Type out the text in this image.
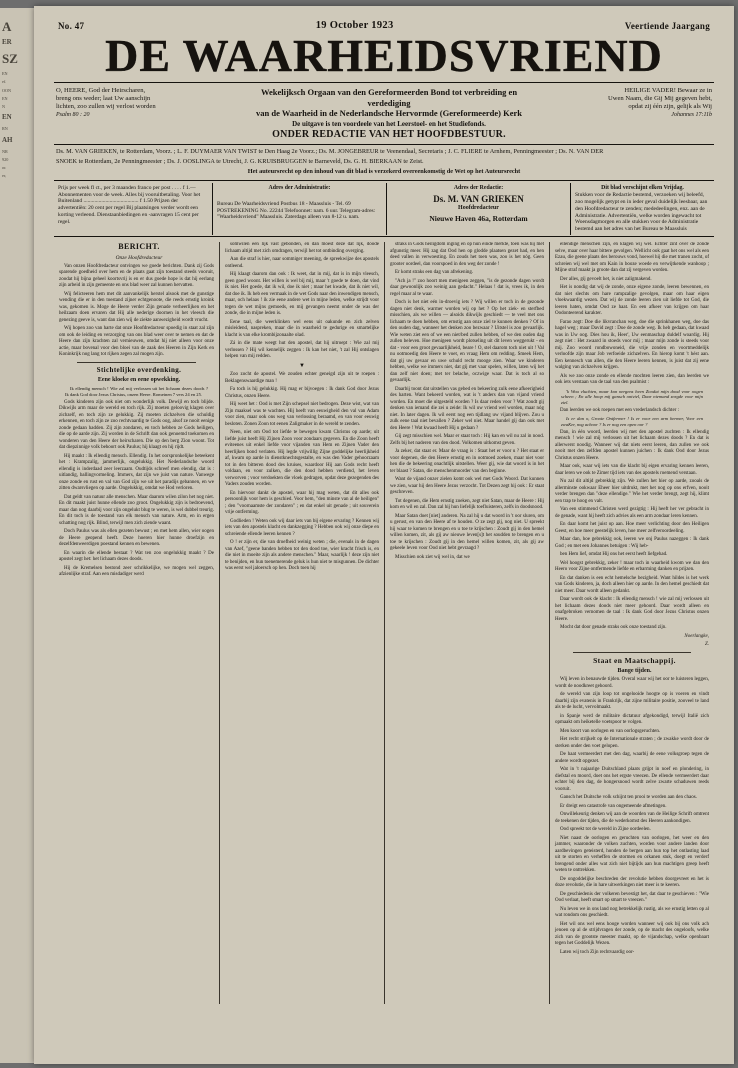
A
ER
SZ

EN

ef.

OON

EN

N

EN

RN

AH

NR

920

or.

er,

No. 47	19 October 1923	Veertiende Jaargang
DE WAARHEIDSVRIEND
O, HEERE, God der Heirscharen,
breng ons weder; laat Uw aanschijn
lichten, zoo zullen wij verlost worden
Psalm 80 : 20
Wekelijksch Orgaan van den Gereformeerden Bond tot verbreiding en verdediging
van de Waarheid in de Nederlandsche Hervormde (Gereformeerde) Kerk
De uitgave is ten voordeele van het Leerstoel- en het Studiefonds.
ONDER REDACTIE VAN HET HOOFDBESTUUR.
HEILIGE VADER! Bewaar ze in
Uwen Naam, die Gij Mij gegeven hebt,
opdat zij één zijn, gelijk als Wij
Johannes 17:11b
Ds. M. VAN GRIEKEN, te Rotterdam, Voorz. ; L. F. DUYMAER VAN TWIST te Den Haag 2e Voorz.; Ds. M. JONGEBREUR te Veenendaal, Secretaris ; J. C. FLIERE te Arnhem, Penningmeester ; Ds. N. VAN DER
SNOEK te Rotterdam, 2e Penningmeester ; Ds. J. OOSLINGA te Utrecht, J. G. KRUISBRUGGEN te Barneveld, Ds. G. H. BIERKAAN te Zeist.
Het auteursrecht op den inhoud van dit blad is verzekerd overeenkomstig de Wet op het Auteursrecht
Prijs per week fl ct., per 3 maanden franco per post . . . . f 1.— Abonnementen voor de week. Alles bij vooruitbetaling. Voor het Buitenland ........................................ f 1.50 Prijzen der advertentiën: 20 cent per regel Bij plaatsingen verder wordt een korting verleend. Dienstaanbiedingen en -aanvragen 15 cent per regel.
Adres der Administratie:

Bureau De Waarheidsvriend Postbus 18 - Maassluis - Tel. 69 POSTREKENING No. 22244 Telefoonnet: nam. 6 uur. Telegram-adres: "Waarheidsvriend" Maassluis. Zaterdags alleen van 8-12 u. nam.
Adres der Redactie:
Ds. M. VAN GRIEKEN
Hoofdredacteur
Nieuwe Haven 46a, Rotterdam
Dit blad verschijnt elken Vrijdag.
Stukken voor de Redactie bestemd, verzoeken wij beleefd, zoo mogelijk getypt en in ieder geval duidelijk leesbaar, aan den Hoofdredacteur te zenden; mededeelingen, enz. aan de Administratie. Advertentiën, welke worden ingewacht tot Woensdagmorgen en alle stukken voor de Administratie bestemd aan het adres van het Bureau te Maassluis

BERICHT.

Onze Hoofdredacteur

Van onzen Hoofdredacteur ontvingen we goede berichten. Dank zij Gods sparende goedheid over hem en de plaats gaat zijn toestand steeds vooruit, zoodat hij bijna geheel koortsvrij is en er dus goede hope is dat hij eerlang zijn arbeid in zijn gemeente en ons blad weer zal kunnen hervatten.

Wij felicteeren hem met dit aanvankelijk herstel alsook met de gunstige wending die er in den toestand zijner echtgenoote, die reeds ernstig kroink was, gekomen is. Moge de Heere verder Zijn genade verheerlijken en het heilzaam doen ervaren dat Hij alle nederige doornen in het vleesch die genezing geeve is, want dan zien wij de ziekte aanwezigheid wordt vrucht.

Wij hopen zoo van harte dat onze Hoofdredacteur spoedig in staat zal zijn om ook de leiding en verzorging van ons blad weer over te nemen en dat de Heere dan zijn krachten zal vernieuwen, omdat hij niet alleen voor onze actie, maar bovenal voor den bloei van de zaak des Heeren in Zijn Kerk en Koninkrijk nog lang tot rijken zegen zal mogen zijn.

Stichtelijke overdenking.

Eene kloeke en eene opwekking.

Ik ellendig mensch ! Wie zal mij verlossen uit het lichaam dezes doods ? Ik dank God door Jezus Christus, onzen Heere. Romeinen 7 vers 24 en 25.

Gods kinderen zijn ook niet om wonderlijk volk. Dewijl en toch blijde. Dikwijls arm maar de wereld en toch rijk. Zij moeten geloovig klagen over zichzelf, en toch zijn ze gelukkig. Zij moeten zichzelven die schuldig erkennen, en toch zijn ze zoo rechtvaardig te Gods oog, alsof ze nooit eenige zonde gedaan hadden. Zij zijn zondaren, en toch hebben ze Gods heiligen, die op de aarde zijn. Zij worden in de Schrift dan ook genoemd toekomen en wonderen van den Heere der heirscharen. Die op den berg Zion woont. Tot dat diepzinnige volk behoort ook Paulus; hij klaagt en hij rijdt.

Hij maakt : Ik ellendig mensch. Ellendig. In het oorspronkelijke beteekent het : Krampzalig, jammerlijk, ongelukkig. Het Nederlandsche woord ellendig is inderdaad zeer leerzaam. Oudtijds schreef men elendig, dat is : uitlandig, ballingvormeling. Immers, dat zijn we juist van nature. Vanwege onze zonde en rust en val van God zijn we uit het paradijs gebannen, en we zitten dwarsvliegen op aarde. Ongelukkig, omdat we Hod verloren.

Dat geldt van natuur alle menschen. Maar daarom wilen zilon het nog niet. En dit maakt juist hunne ellende zoo groot. Ongelukkig zijn is bedroevend, maar dan nog daarbij voor zijn ongelukt blug te weren, is wel dubbel treurig. En dit toch is de toestand van elk mensch van nature. Arm, en in ergen schatting nog rijk. Blind, terwijl men zich ziende waant.

Doch Paulus was als ellen gezeten bewust ; en met hem allen, wier oogen de Heere geopend heeft. Deze hoeren hier hunne droefzijn en dezelfdenweerdigen poestand kennen en bewenen.

En waarin die ellende bestaat ? Wat ten zoo ongelukkig maakt ? De apostel zegt het: het lichaam dezes doods.

Hij de Kremelsen bestond zeer schrikkelijke, we mogen wel zeggen, afzienlijke straf. Aan een misdadiger werd

somwilen een lijk vast gebonden, en dan moest deze dat lijk, doode lichaam altijd met zich omdragen, terwijl het tot ontbinding overging.

Aan die straf is hier, naar sommiger meening, de spreekwijze des apostels ontleend.

Hij klaagt daarom dan ook : Ik weet, dat in mij, dat is in mijn vleesch, geen goed woont. Het willen is wel bij mij, maar 't goede te doen, dat vind ik niet. Het goede, dat ik wil, doe ik niet ; maar het kwade, dat ik niet wil, dat doe ik. Ik heb een vermaak in de wet Gods naar den inwendigen mensch, maar, och helaas ! ik zie eene andere wet in mijne leden, welke strijdt voor tegen de wet mijns gemoeds, en mij gevangen neemt onder de was der zonde, die in mijne leden is.

Eene taal, die weerklinken wel eens uit oakunde en zich zelven misleidend, naspreken, maar die in waarheid te gedurige en smartelijke klacht is van elke krombijzonaalte olad.

Zá in die mate weegt hut den apostel, dat hij uitroept : Wie zal mij verlossen ? Hij wil kennelijk zeggen : Ik kan het niet, 't zal Hij ontslagen helpen van mij redden.

▼

Zoo zocht de apostel. We zouden echter geneigd zijn uit te roepen : Beklagenswaardige man !

Fa toch is hij gelukkig. Hij mag er bijvoegen : Ik dank God door Jezus Christus, onzen Heere.

Hij weet het : Ood is met Zijn schepsel niet bedrogen. Deze wist, wat van Zijn maaksel was te wachten. Hij heeft van eeuwigheid den val van Adam voor zien, maar ook ons weg van verlossing beraamd, en van voor eeuwig besloten. Zonen Zoon tot eenen Zaligmaker in de wereld te zenden.

Neen, niet om Ood tot liefde te bewegen kwam Christus op aarde; uit liefde juist heeft Hij Zijnen Zoon voor zondaars gegeven. En die Zoon heeft eviteenes uit enkel liefde voor vijanden van Hem en Zijnen Vader den heerlijken bond verlaten. Hij legde vrijwillig Zijne goddelijke heerlijkheid af, kwam op aarde in dienstknechtsgestalte, en was den Vader gehoorzaam tot in den bitteren dood des kruises, waardoor Hij aan Gods recht heeft voldaan, en voor zulken, die den dood hebben verdiend, het leven verworven ; voor verdoekten die vloek gedragen, opdat deze gezegenden des Vaders zouden worden.

En hiervoor dankt de apostel, waar hij mag weten, dat dit alles ook persoonlijk voor hem is geschied. Voor hem, "den minste van al de heiligen" ; den "voornaamste der zondaren" ; en dat enkel uit genade ; uit souverein vrije ontferming.

Godlieden ! Weten ook wij daar iets van bij eigene ervaring ? Kennen wij iets van den apostels klacht en dankzegging ? Hebben ook wij onze diepe en schreiende ellende leeren kennen ?

O ! er zijn er, die van droefheid weinig weten ; die, evenals in de dagen van Azef, "geene banden hebben tot den dood toe, wier kracht frisch is, en die niet in moeite zijn als andere menschen." Maar, waarlijk ! deze zijn niet te benijden, en hun toenemerende geluk is hun niet te misgunnen. De dichter was eerst wel jaloersch op hen. Doch toen hij

straks in Gods heiligdom inging en op hun einde merkte, toen was hij met afgunstig meer. Hij zag dat Ood hen op glodde plaatsen gezet had, en hen deed vallen in verwoesting. En zouds het toen was, zoo is het nóg. Geen grooter oordeel, dan voorspoed in den weg der zonde !

Er komt straks een dag van afrekening.

"Ach ja !" zoo hoort men menigeen zeggen, "is de gezonde dagen wordt daar gewoonlijk zoo weinig aan gedacht." Helaas ! dat is, vrees ik, in den regel maar al te waar.

Doch is het niet eén in-droevig iets ? Wij willen er toch in de gezonde dagen niet denk, warmer worden wij op het ? Op het ziek- en sterfbed misschien, als we willen — alsoids dikwijls geschiedt — te veel met ons lichaam te doen hebben, om ernstig aan onze ziel te kunnen denken ? Of in den ouden dag, wanneer het denken zoo bezwaar ? Uitstel is zoo gevaarlijk. Wie weten ziet een of we een niet/bed zullen hebben, of we den ouden dag zullen beleven. Hoe menigeen wordt plotseling uit dit leven weggerukt - en dat - voor een groot gevaarlijkheid, beare ! O, stel daarom toch niet uit ! Val nu ootmoedig den Heere te voet, en vraag Hem om redding. Smeek Hem, dat gij uw gevaar en uwe schuld recht mooge zien. Waar we kinderen hebben, welke we immers niet, dat gij met vaar spelen, willen, laten wij het dan zelf niet doen; met ter belache, oczwige waar. Dat is toch al so gevaarlijk.

Daarbij toont dat uitstellen vas gebed en bekeering zulk eene afkeerigheid des harten. Want bekeerd worden, wat is 't anders dan van vijand vriend worden. En moet die uitgesteld worden ? Is daar reden voor ? Wat zoudt gij denken van iemand die zei u zeide: Ik wil uw vriend wel worden, maar nóg niet. In later dagen. Ik wil eerst nog een tijdlang uw vijand blijven. Zou u zulk eene taal niet bevallen ? Zeker wel niet. Maar handel gij dan ook met den Heere ! Wat kwaad heeft Hij u gedaan ?

Gij zegt misschien wel. Maar er staat toch : Hij kan en wil nu zal in nood. Zelfs bij het naderen van den dood. Volkomen uitkomst geven.

Ja zeker, dat staat er. Maar de vraag is : Staat het er voor u ? Het staat er voor degenen, die den Heere ernstig en in ootmoed zoeken, maar niet voor hen die de bekeering onachtlijk uitstellen. Weer gij, wie dat woord is in het ter blaast ? Satan, die menschenmoorder van den beginne.

Want de vijand onzer zielen komt ook wel met Gods Woord. Dat kunnen we zien, waar hij den Heere Jezus verzocht. Tot Dezen zegt hij ook : Er staat geschreven.

Tot degenen, die Hem ernstig zoeken, zegt niet Satan, maar de Heere : Hij kom en wil en zal. Dan zal hij hun liefelijk toefluisteren, zelfs in doodsnood.

Maar Satan doet [niet] anderen. Na zal hij u dat woord in 't oor sluren, om u gerust, en van den Heere af te houden. O ze zegt gij, nog niet. U spreekt hij waar te komen te brengen en u toe te krijschen : Zoudt gij in den hemel willen komen, zit, als gij aw nieuwe leven[s]t het soudden te brengen en u toe te krijschen : Zoudt gij in den hemel willen komen, zit, als gij aw gekeele leven voor Ood niet hebt gevraagd ?

Misschien ook ziet wij wel in, dat we

ellendige menschen zijn, en klagen wij wel. Echter zint over de zonde selve, maar over haar bittere gevolgen. Wellicht ook gaat het ons wel als een Ezau, die geene plaats des berouws vond, hoewel hij die met tranen zocht, of schreien wij wel met om Kain in booze woede en verwijtkende wanhoop ; Mijne straf maakt ja groote dan dat zij vergeven worden.

Der alles, gij gevoelt het, is niet zaligmakend.

Het is nondig dat wij de zonde, onze eigene zonde, leeren bewennen, en dat niet slechts om hare rampzalige gevolgen, maar om haar eigen vloekwaardig wezen. Dat wij de zonde leeren zien uit liefde tot God, die leeren haten, omdat Ood ze haat. En een afkeer van krijgen om haar Oodonteerend karakter.

Farao zegt: Doe die likvranchan weg, doe die sprinkhanen weg, doe das hagel weg ; maar David zegt : Doe de zonde weg. Ik heb gedaan, dat kwaad was in Uw oog. Dies hou ik, Heer', Uw eenmaschap duldelf woardig. Hij zegt niet : Het zwaard in stoeds voor mij ; maar mijn zonde is steeds voor mij. Zoo woord rondbowoneid, die vrije zonden en voortmeddelijk verloofde zijn maar Job verfoeide zichzelven. En hierop komt 't hést aan. Een kennesch van allen, die den Heere leeren kennen, is juist dat zij eene walging van zichzelven krijgen.

Als we zoo onze zonde en ellende mochten leeren zien, dan leerden we ook iets verstaan van de taal van den psalmist :

'k Wou vluchten, maar kon nergens heen Zoodat mijn dood voor oogen scheen ; En alle hoop mij gansch ontviel, Daar niemand zorgde voor mijn ziel.

Dan leerden we ook roepen met een vrederlandsch dichter :

Is er dan o, Groote Ontfermer ! Is er voor een arm hermer, Voor een zwaKer, nog achoor ? Is er nog een open oor ?

Dan, in één woord, leerden wij met den apostel zuchten : Ik ellendig mensch ! wie zal mij verlossen uit het lichaam dezes doods ? En dat is allerwerst noodig. Wanneer wij dat niets eerst leeren, dan zullen we ook nooit met den zelfden apostel kunnen juichen : Ik dank Ood door Jezus Christus onzen Heere.

Maar ook, waar wij iets van die klacht bij eigen ervaring kennen leeren, daar leren we ook te Zimer tijd iets van des apostels roemend verstaan.

Nu zal dit altijd gebrekkig zijn. We zullen het hier op aarde, zooals de allerminste ookwaar Eheer hier uitdrukt, met het nog op ons erfven, nooit verder brengen dan "deze ellendige." Wie het verder brengt, zegt hij, klimt een trap te hoog en valt.

Van een stimmend Christen werd gezigtig : Hij heeft her ver gebracht in de genade, want hij heeft zich advies als een arm zondaar leren kennen.

En daar komt het juist op aan. Hoe meer verlichting door den Heiligen Geest, en hoe meer geestelijk leven, hoe meer zelfveroordeeling.

Maar dan, hoe gebrekkig ook, leeren we onj Paulus nazeggen : Ik dank God ; en met een Johannes betuigen : Wij heb-

ben Hem lief, omdat Hij ons het eerst heeft liefgehad.

Wel hoogst gebrekkig, zeker ! maar toch in waarheid kwom we dan den Heero voor Zijne ontfermende liefde en erbarming danken en prijzen.

En dat danken is een echt hemelsche bezigheid. Want hildes is het werk van Gods kinderen, ja, doch alleen hier op aarde. In den hemel geschiedt dat niet meer. Daar wordt alleen gedankt.

Daar wordt ook de klacht : Ik ellendig mensch ! wie zal mij verlossen uit het lichaam dezes doods niet meer gehoord. Daar wordt alleen en onafgebroken vernomen de taal : Ik dank God door Jezus Christus onzen Heere.

Mocht dat door genade straks ook onze toestand zijn.

Noerlangke,

Z.

Staat en Maatschappij.

Bange tijden.

Wij leven in benauwde tijden. Overal waar wij het oor te luisteren leggen, wordt de noodkreet gehoord.

de wereld van zijn loop tot ongelooide hoogte op is voeren en vindt daarbij zijn evatenis in Frankrijk, dat zijne militaire positie, zooveel te land als te de lucht, vervolmaakt.

in Spanje werd de militaire dictatuur afgekondigd, terwijl Italië zich opmaakt om heiketelle voetspoor te volgen.

Men koort van oorlogen en van oorlogsgeruchten.

Het recht strijkelt op de Internationale straten ; de zwakke wordt door de sterken onder den voet gelopen.

De haat vermeerdert met den dag, waarbij de eene volksgroep tegen de andere wordt opgezet.

Wat in 't najaarige Duitschland plaats grijpt in noef en plondering, in diefstal en moord, doet ons het ergste vreezen. De ellende vermeerdert daar echter bij den dag, de hongersnood wordt zelve zwarte schaduwen reeds vooruit.

Gansch het Duitsche volk schijnt ten prooi te worden aan den chaos.

Er dreigt een catastrofe van ongemeende afmetingen.

Onwillekeurig denken wij aan de woorden van de Heilige Schrift omtrent de teekenen der tijden, die de wederkomst des Heeren aankondigen.

Ood spreekt tot de wereld in Zijne oordeelen.

Niet naast de oorlogen en geruchten van oorlogen, het weer en den jammer, waaronder de volken zuchten, worden voor andere landen door aardbevingen geteisterd, honden de bergen aan hun top het ontlasting laad uit te storten en verheffen de stormen en orkanen stuk, doegt en verderf brengend onder alles wat zich niet bijtijds aan hun machtigen greep heeft weten te onttrekken.

De ongoddelijke beschreden der revolutie hebben doorgevreet en het is doze revolutie, die in hare uitwerkingen niet meer is te keeren.

De geschiedenis der volkeren bevestigt het, dat daar te geschieven : "Wie Ood verlaat, heeft smart op smart te vreezen."

Nu leven we in ons land nog betrekkelijk rustig, als we ernstig letten op al wat rondom ons geschiedt.

Het wil ons wel eens hooge worden wanneer wij ook bij ons volk ach jenoen op al de strijdvragen der zonde, op de macht des ongeloofs, welke zich van de grootste meester maakt, op de vijandschap, welke openbaart tegen het Goddelijk Wezen.

Laten wij toch Zijn rechtvaardig oor-
